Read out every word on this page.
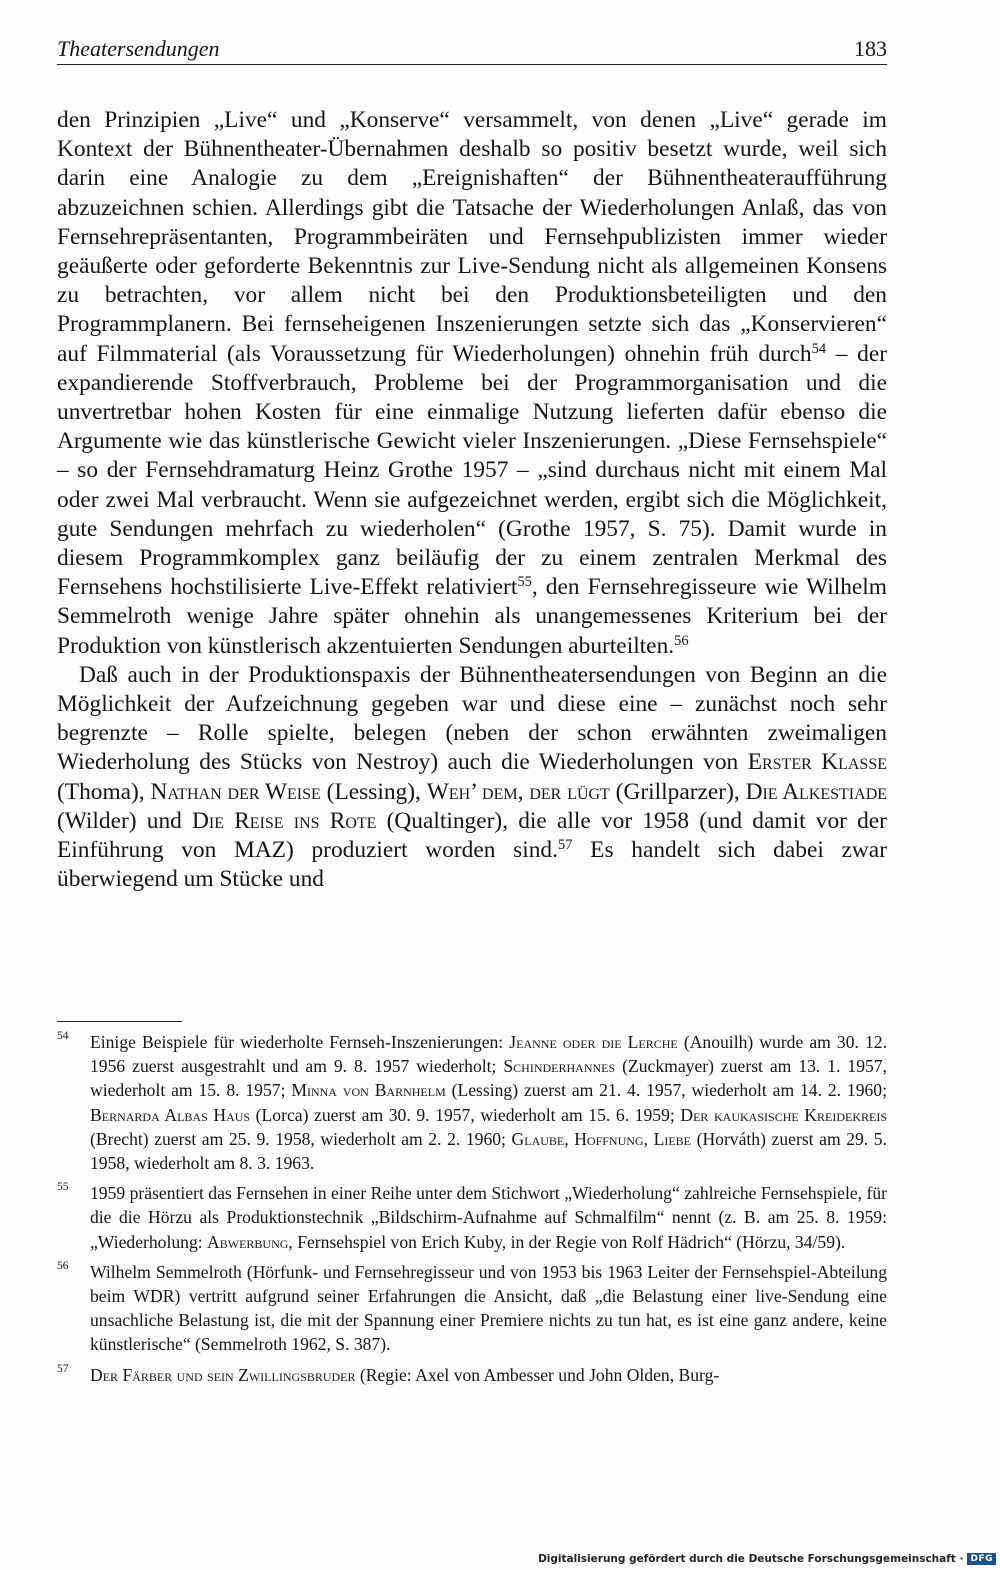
Theatersendungen	183

den Prinzipien „Live“ und „Konserve“ versammelt, von denen „Live“ gerade im Kontext der Bühnentheater-Übernahmen deshalb so positiv besetzt wurde, weil sich darin eine Analogie zu dem „Ereignishaften“ der Bühnentheateraufführung abzuzeichnen schien. Allerdings gibt die Tatsache der Wiederholungen Anlaß, das von Fernsehrepräsentanten, Programmbeiräten und Fernsehpublizisten immer wieder geäußerte oder geforderte Bekenntnis zur Live-Sendung nicht als allgemeinen Konsens zu betrachten, vor allem nicht bei den Produktionsbeteiligten und den Programmplanern. Bei fernseheigenen Inszenierungen setzte sich das „Konservieren“ auf Filmmaterial (als Voraussetzung für Wiederholungen) ohnehin früh durch$^{54}$ – der expandierende Stoffverbrauch, Probleme bei der Programmorganisation und die unvertretbar hohen Kosten für eine einmalige Nutzung lieferten dafür ebenso die Argumente wie das künstlerische Gewicht vieler Inszenierungen. „Diese Fernsehspiele“ – so der Fernsehdramaturg Heinz Grothe 1957 – „sind durchaus nicht mit einem Mal oder zwei Mal verbraucht. Wenn sie aufgezeichnet werden, ergibt sich die Möglichkeit, gute Sendungen mehrfach zu wiederholen“ (Grothe 1957, S. 75). Damit wurde in diesem Programmkomplex ganz beiläufig der zu einem zentralen Merkmal des Fernsehens hochstilisierte Live-Effekt relativiert$^{55}$, den Fernsehregisseure wie Wilhelm Semmelroth wenige Jahre später ohnehin als unangemessenes Kriterium bei der Produktion von künstlerisch akzentuierten Sendungen aburteilten.$^{56}$

Daß auch in der Produktionspaxis der Bühnentheatersendungen von Beginn an die Möglichkeit der Aufzeichnung gegeben war und diese eine – zunächst noch sehr begrenzte – Rolle spielte, belegen (neben der schon erwähnten zweimaligen Wiederholung des Stücks von Nestroy) auch die Wiederholungen von Erster Klasse (Thoma), Nathan der Weise (Lessing), Weh’ dem, der lügt (Grillparzer), Die Alkestiade (Wilder) und Die Reise ins Rote (Qualtinger), die alle vor 1958 (und damit vor der Einführung von MAZ) produziert worden sind.$^{57}$ Es handelt sich dabei zwar überwiegend um Stücke und

54 Einige Beispiele für wiederholte Fernseh-Inszenierungen: Jeanne oder die Lerche (Anouilh) wurde am 30. 12. 1956 zuerst ausgestrahlt und am 9. 8. 1957 wiederholt; Schinderhannes (Zuckmayer) zuerst am 13. 1. 1957, wiederholt am 15. 8. 1957; Minna von Barnhelm (Lessing) zuerst am 21. 4. 1957, wiederholt am 14. 2. 1960; Bernarda Albas Haus (Lorca) zuerst am 30. 9. 1957, wiederholt am 15. 6. 1959; Der kaukasische Kreidekreis (Brecht) zuerst am 25. 9. 1958, wiederholt am 2. 2. 1960; Glaube, Hoffnung, Liebe (Horváth) zuerst am 29. 5. 1958, wiederholt am 8. 3. 1963.

55 1959 präsentiert das Fernsehen in einer Reihe unter dem Stichwort „Wiederholung“ zahlreiche Fernsehspiele, für die die Hörzu als Produktionstechnik „Bildschirm-Aufnahme auf Schmalfilm“ nennt (z. B. am 25. 8. 1959: „Wiederholung: Abwerbung, Fernsehspiel von Erich Kuby, in der Regie von Rolf Hädrich“ (Hörzu, 34/59).

56 Wilhelm Semmelroth (Hörfunk- und Fernsehregisseur und von 1953 bis 1963 Leiter der Fernsehspiel-Abteilung beim WDR) vertritt aufgrund seiner Erfahrungen die Ansicht, daß „die Belastung einer live-Sendung eine unsachliche Belastung ist, die mit der Spannung einer Premiere nichts zu tun hat, es ist eine ganz andere, keine künstlerische“ (Semmelroth 1962, S. 387).

57 Der Färber und sein Zwillingsbruder (Regie: Axel von Ambesser und John Olden, Burg-

Digitalisierung gefördert durch die Deutsche Forschungsgemeinschaft · DFG
